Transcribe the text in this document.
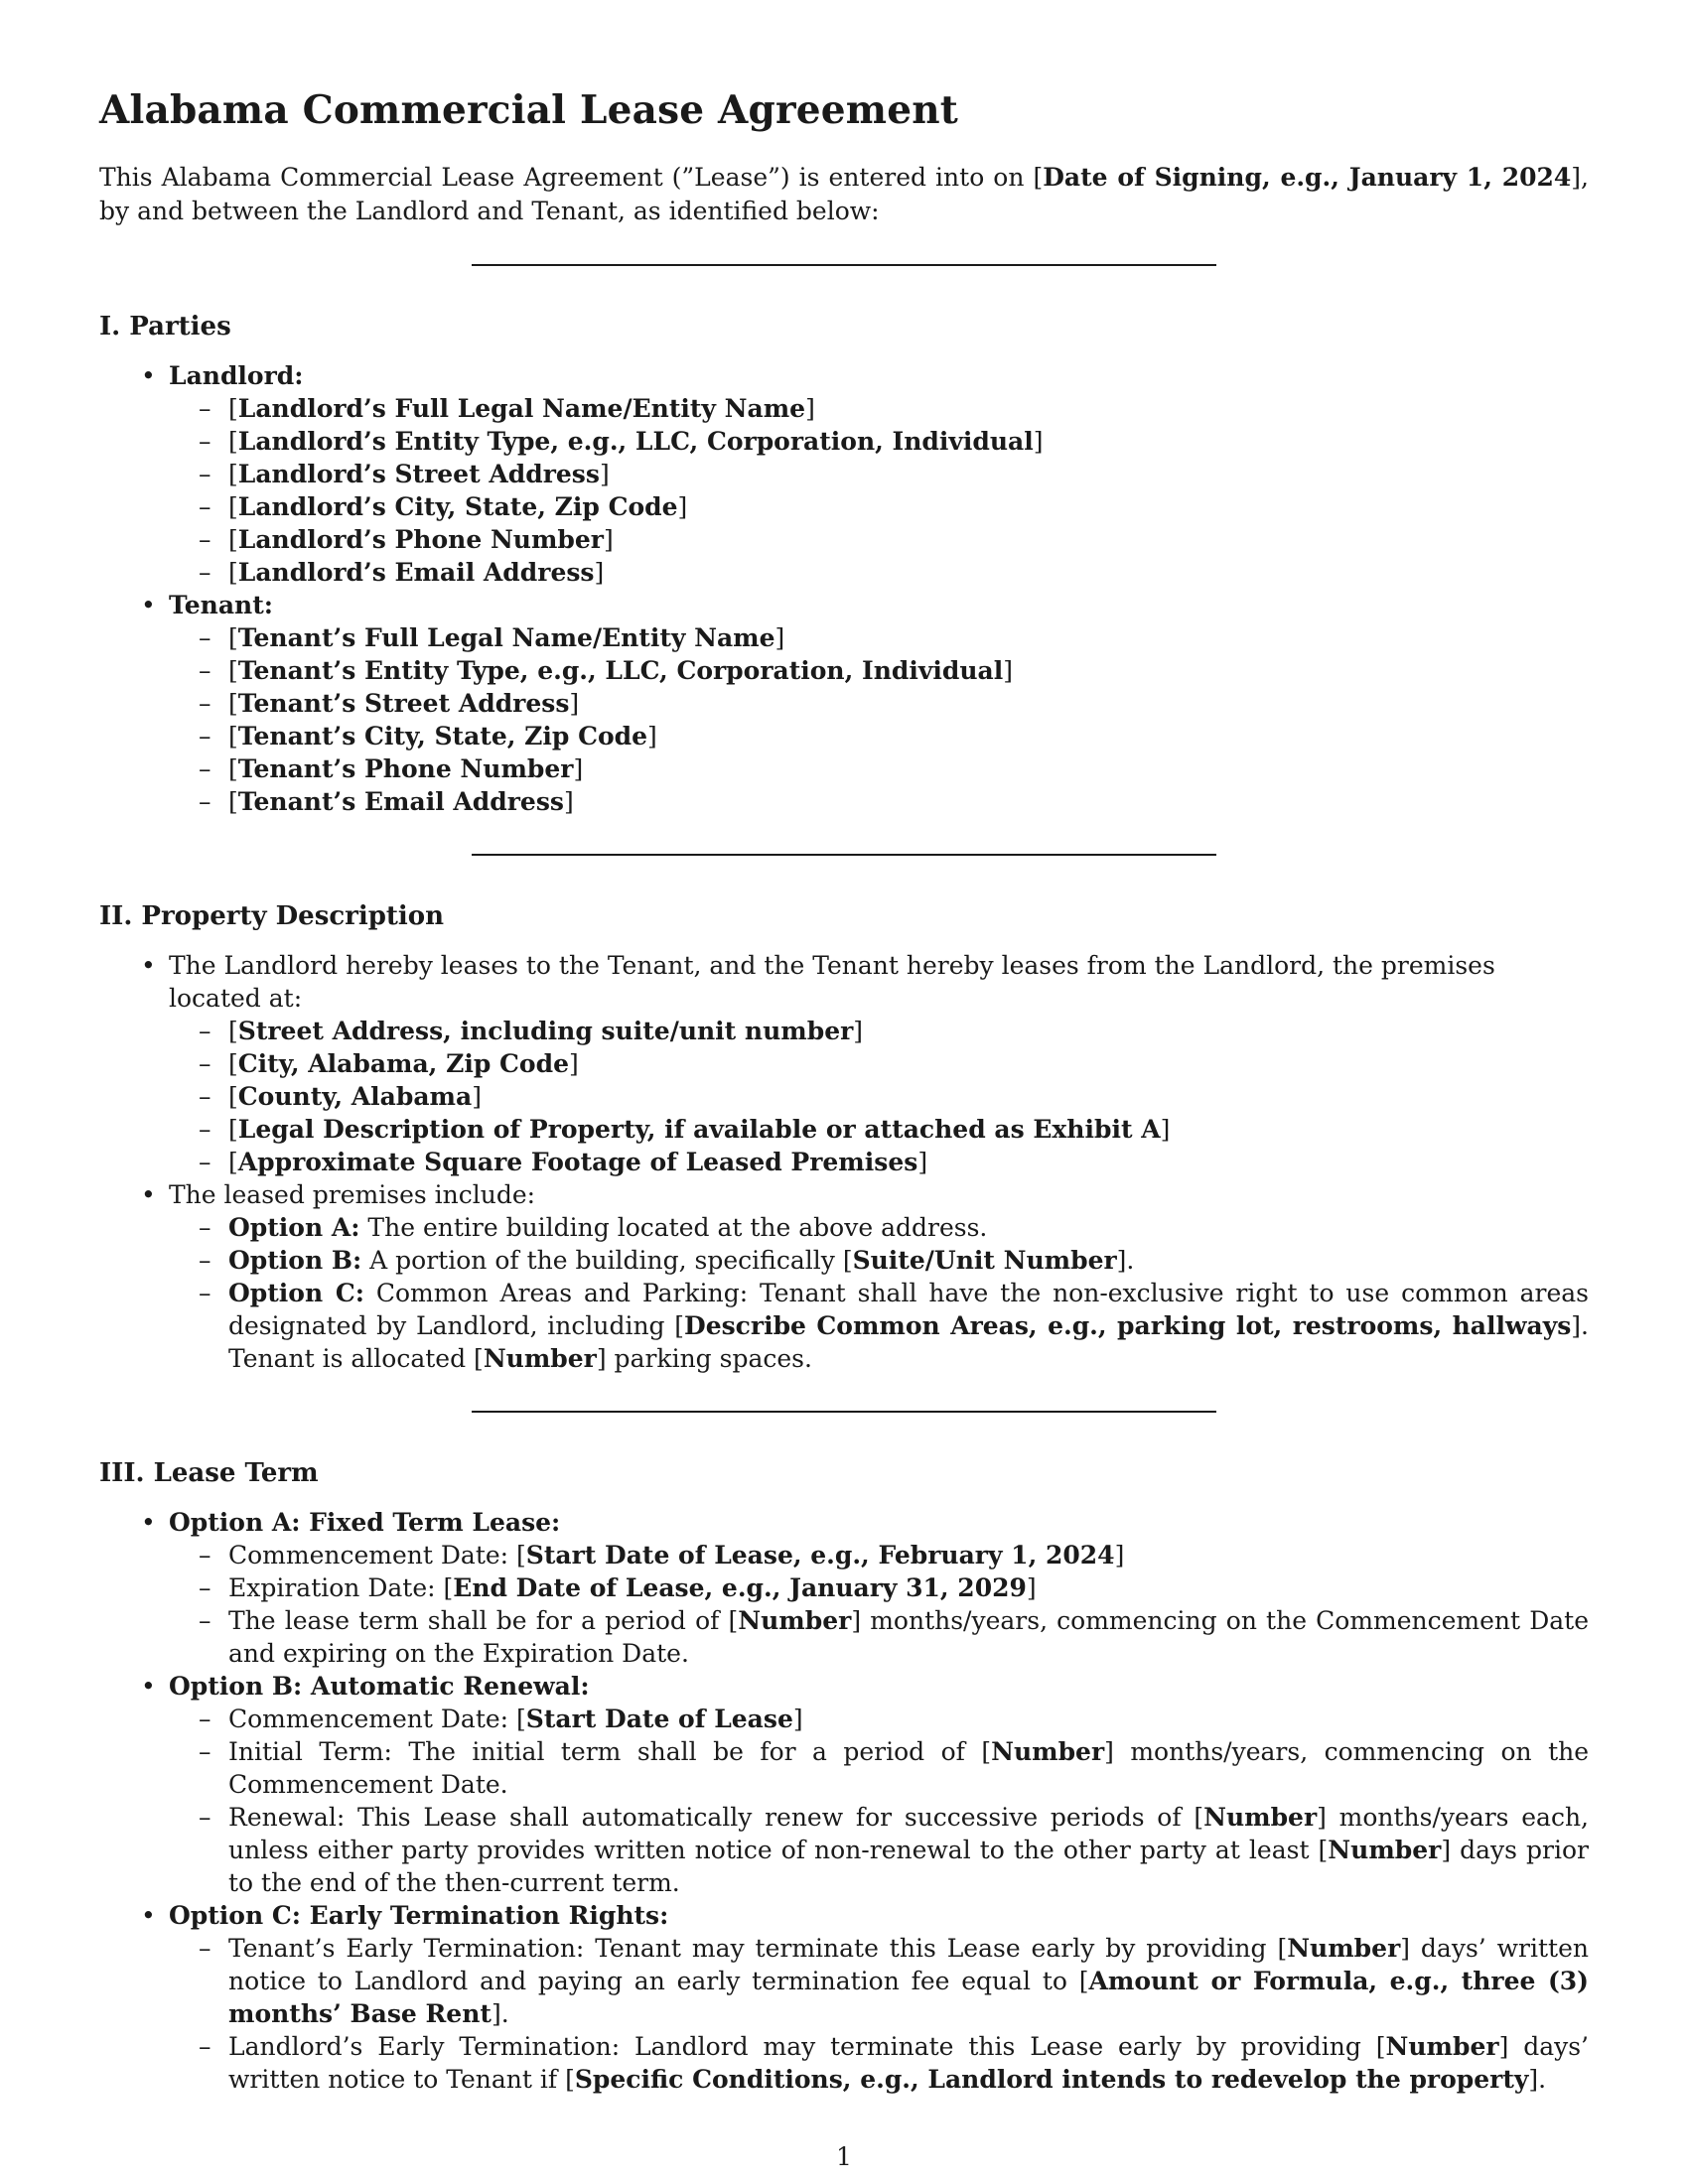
Alabama Commercial Lease Agreement

This Alabama Commercial Lease Agreement (”Lease”) is entered into on [Date of Signing, e.g., January 1, 2024], by and between the Landlord and Tenant, as identified below:

I. Parties
• Landlord:
– [Landlord’s Full Legal Name/Entity Name]
– [Landlord’s Entity Type, e.g., LLC, Corporation, Individual]
– [Landlord’s Street Address]
– [Landlord’s City, State, Zip Code]
– [Landlord’s Phone Number]
– [Landlord’s Email Address]
• Tenant:
– [Tenant’s Full Legal Name/Entity Name]
– [Tenant’s Entity Type, e.g., LLC, Corporation, Individual]
– [Tenant’s Street Address]
– [Tenant’s City, State, Zip Code]
– [Tenant’s Phone Number]
– [Tenant’s Email Address]
II. Property Description
• The Landlord hereby leases to the Tenant, and the Tenant hereby leases from the Landlord, the premises located at:
– [Street Address, including suite/unit number]
– [City, Alabama, Zip Code]
– [County, Alabama]
– [Legal Description of Property, if available or attached as Exhibit A]
– [Approximate Square Footage of Leased Premises]
• The leased premises include:
– Option A: The entire building located at the above address.
– Option B: A portion of the building, specifically [Suite/Unit Number].
– Option C: Common Areas and Parking: Tenant shall have the non-exclusive right to use common areas designated by Landlord, including [Describe Common Areas, e.g., parking lot, restrooms, hallways]. Tenant is allocated [Number] parking spaces.
III. Lease Term
• Option A: Fixed Term Lease:
– Commencement Date: [Start Date of Lease, e.g., February 1, 2024]
– Expiration Date: [End Date of Lease, e.g., January 31, 2029]
– The lease term shall be for a period of [Number] months/years, commencing on the Commencement Date and expiring on the Expiration Date.
• Option B: Automatic Renewal:
– Commencement Date: [Start Date of Lease]
– Initial Term: The initial term shall be for a period of [Number] months/years, commencing on the Commencement Date.
– Renewal: This Lease shall automatically renew for successive periods of [Number] months/years each, unless either party provides written notice of non-renewal to the other party at least [Number] days prior to the end of the then-current term.
• Option C: Early Termination Rights:
– Tenant’s Early Termination: Tenant may terminate this Lease early by providing [Number] days’ written notice to Landlord and paying an early termination fee equal to [Amount or Formula, e.g., three (3) months’ Base Rent].
– Landlord’s Early Termination: Landlord may terminate this Lease early by providing [Number] days’ written notice to Tenant if [Specific Conditions, e.g., Landlord intends to redevelop the property].
1
